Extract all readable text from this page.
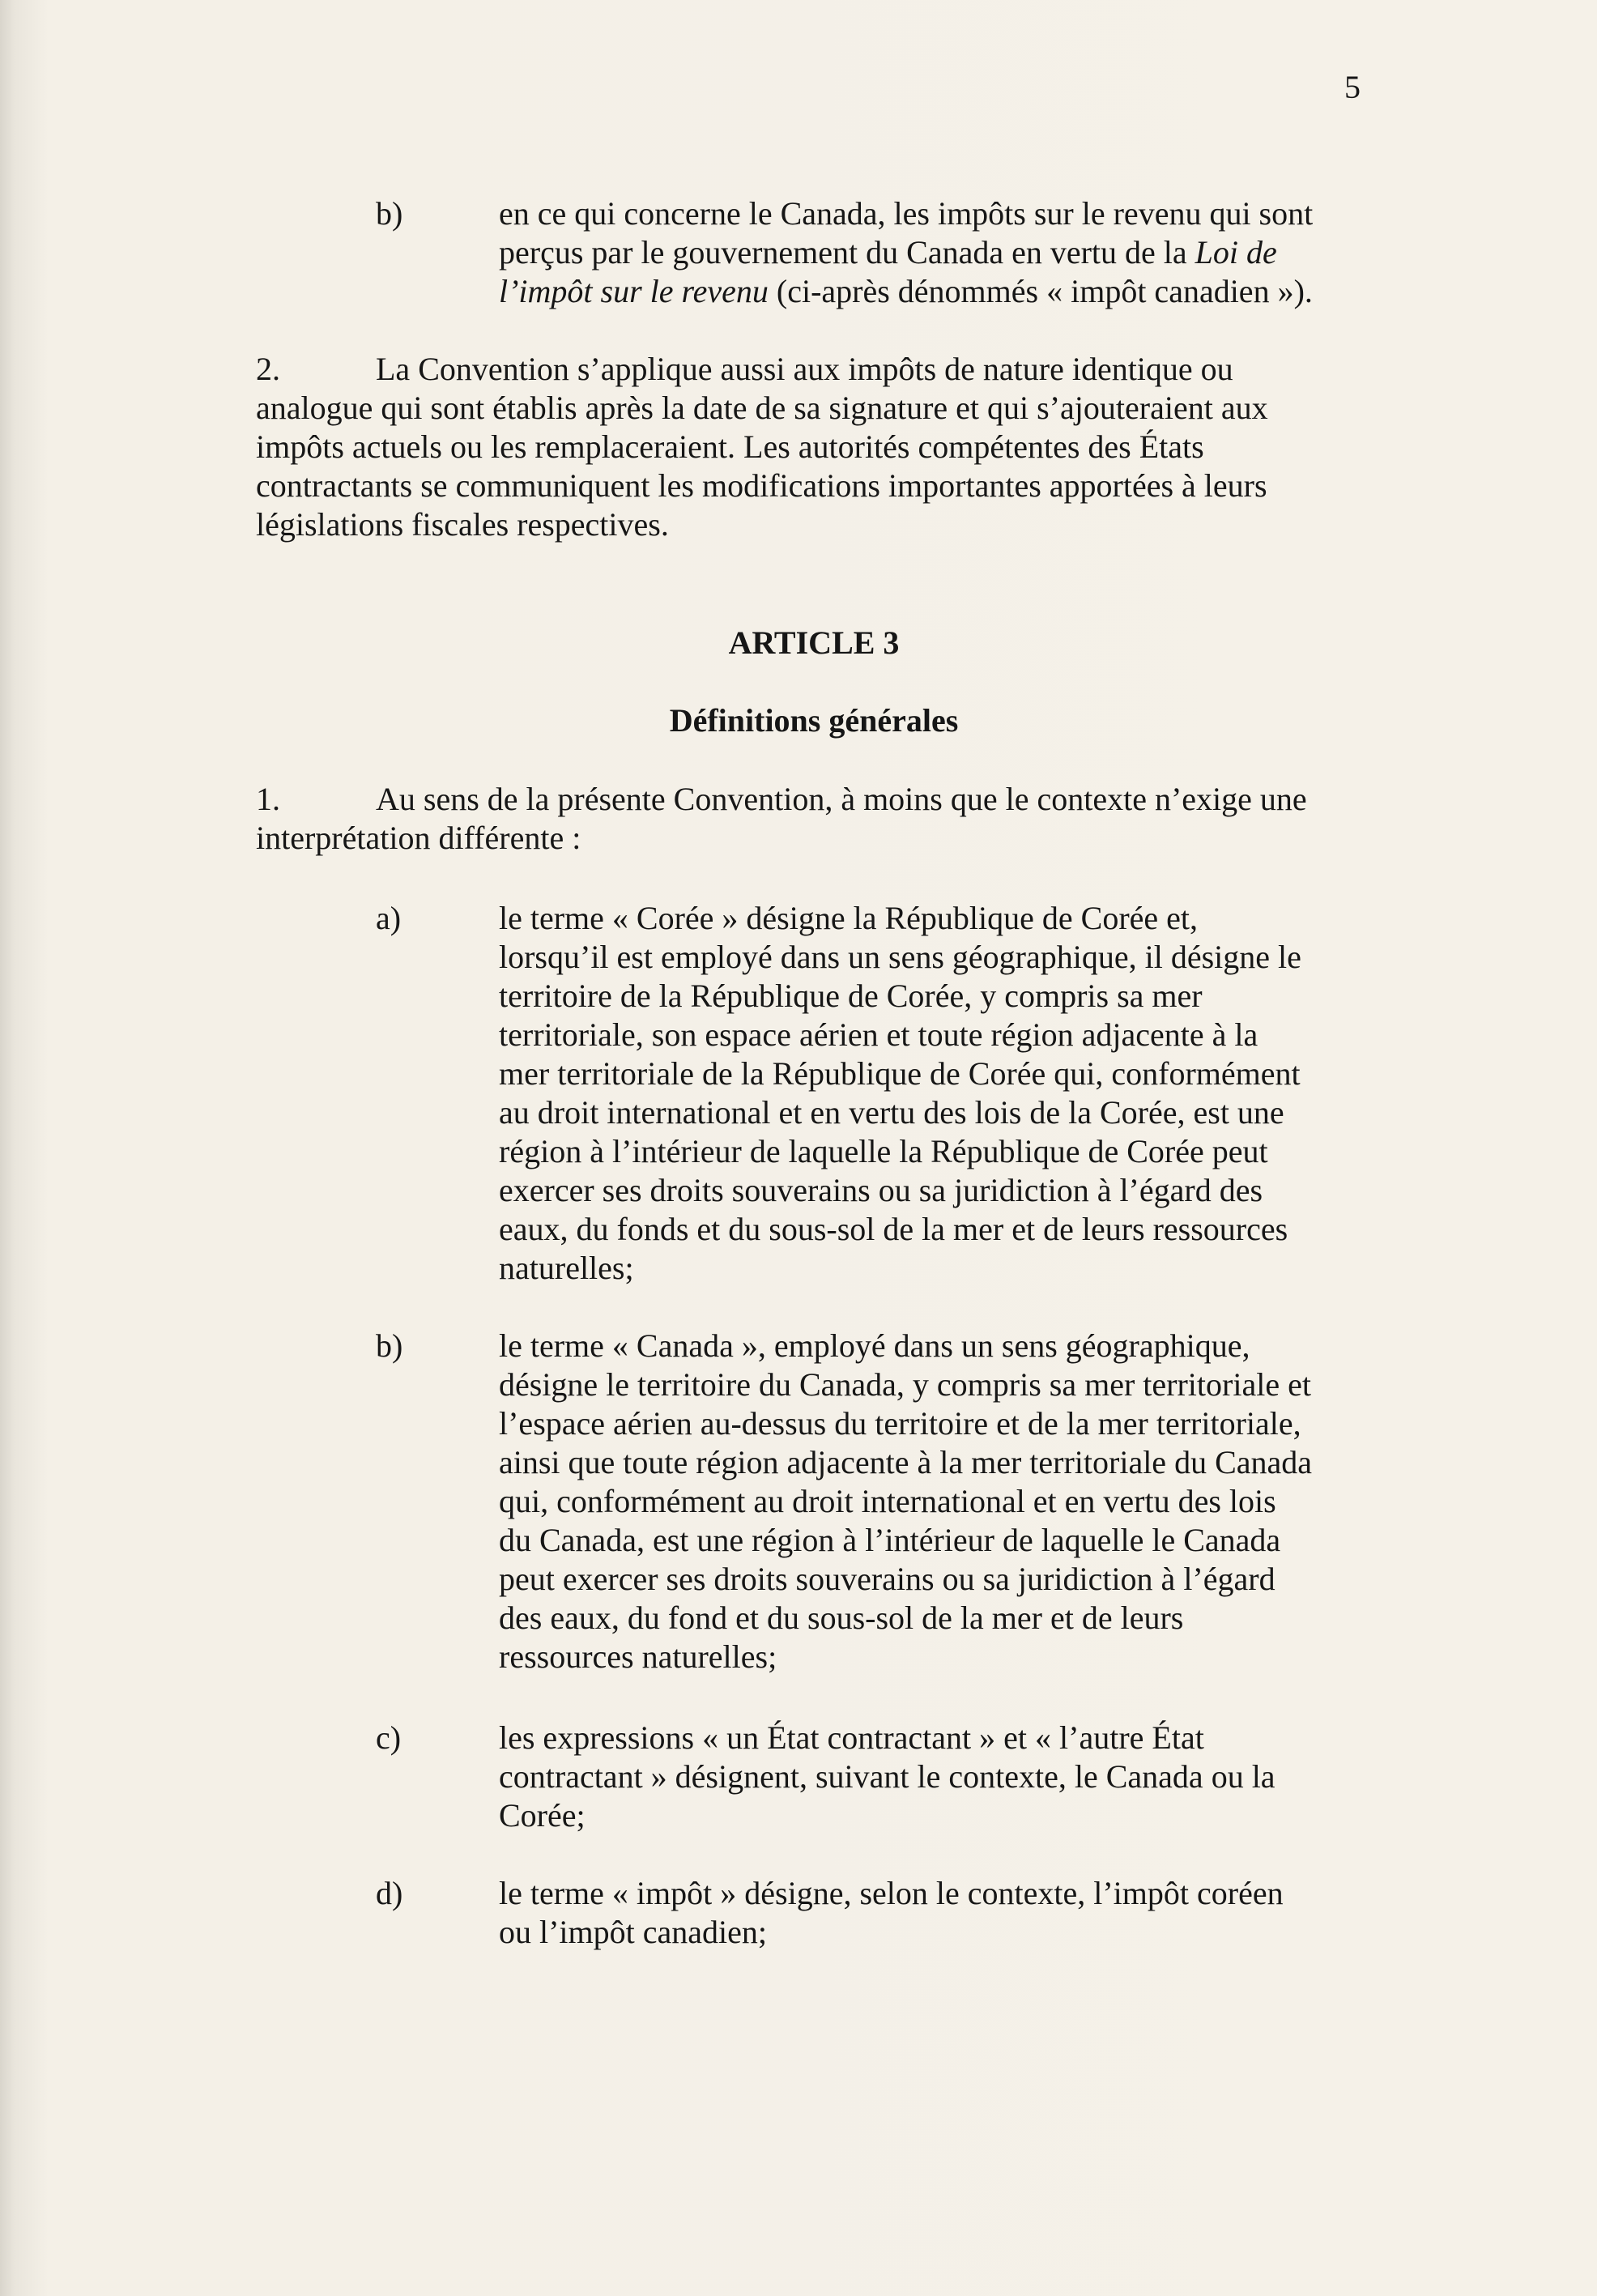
5
b)	en ce qui concerne le Canada, les impôts sur le revenu qui sont
perçus par le gouvernement du Canada en vertu de la Loi de
l’impôt sur le revenu (ci-après dénommés « impôt canadien »).
2.	La Convention s’applique aussi aux impôts de nature identique ou
analogue qui sont établis après la date de sa signature et qui s’ajouteraient aux
impôts actuels ou les remplaceraient. Les autorités compétentes des États
contractants se communiquent les modifications importantes apportées à leurs
législations fiscales respectives.
ARTICLE 3
Définitions générales
1.	Au sens de la présente Convention, à moins que le contexte n’exige une
interprétation différente :
a)	le terme « Corée » désigne la République de Corée et,
lorsqu’il est employé dans un sens géographique, il désigne le
territoire de la République de Corée, y compris sa mer
territoriale, son espace aérien et toute région adjacente à la
mer territoriale de la République de Corée qui, conformément
au droit international et en vertu des lois de la Corée, est une
région à l’intérieur de laquelle la République de Corée peut
exercer ses droits souverains ou sa juridiction à l’égard des
eaux, du fonds et du sous-sol de la mer et de leurs ressources
naturelles;
b)	le terme « Canada », employé dans un sens géographique,
désigne le territoire du Canada, y compris sa mer territoriale et
l’espace aérien au-dessus du territoire et de la mer territoriale,
ainsi que toute région adjacente à la mer territoriale du Canada
qui, conformément au droit international et en vertu des lois
du Canada, est une région à l’intérieur de laquelle le Canada
peut exercer ses droits souverains ou sa juridiction à l’égard
des eaux, du fond et du sous-sol de la mer et de leurs
ressources naturelles;
c)	les expressions « un État contractant » et « l’autre État
contractant » désignent, suivant le contexte, le Canada ou la
Corée;
d)	le terme « impôt » désigne, selon le contexte, l’impôt coréen
ou l’impôt canadien;
